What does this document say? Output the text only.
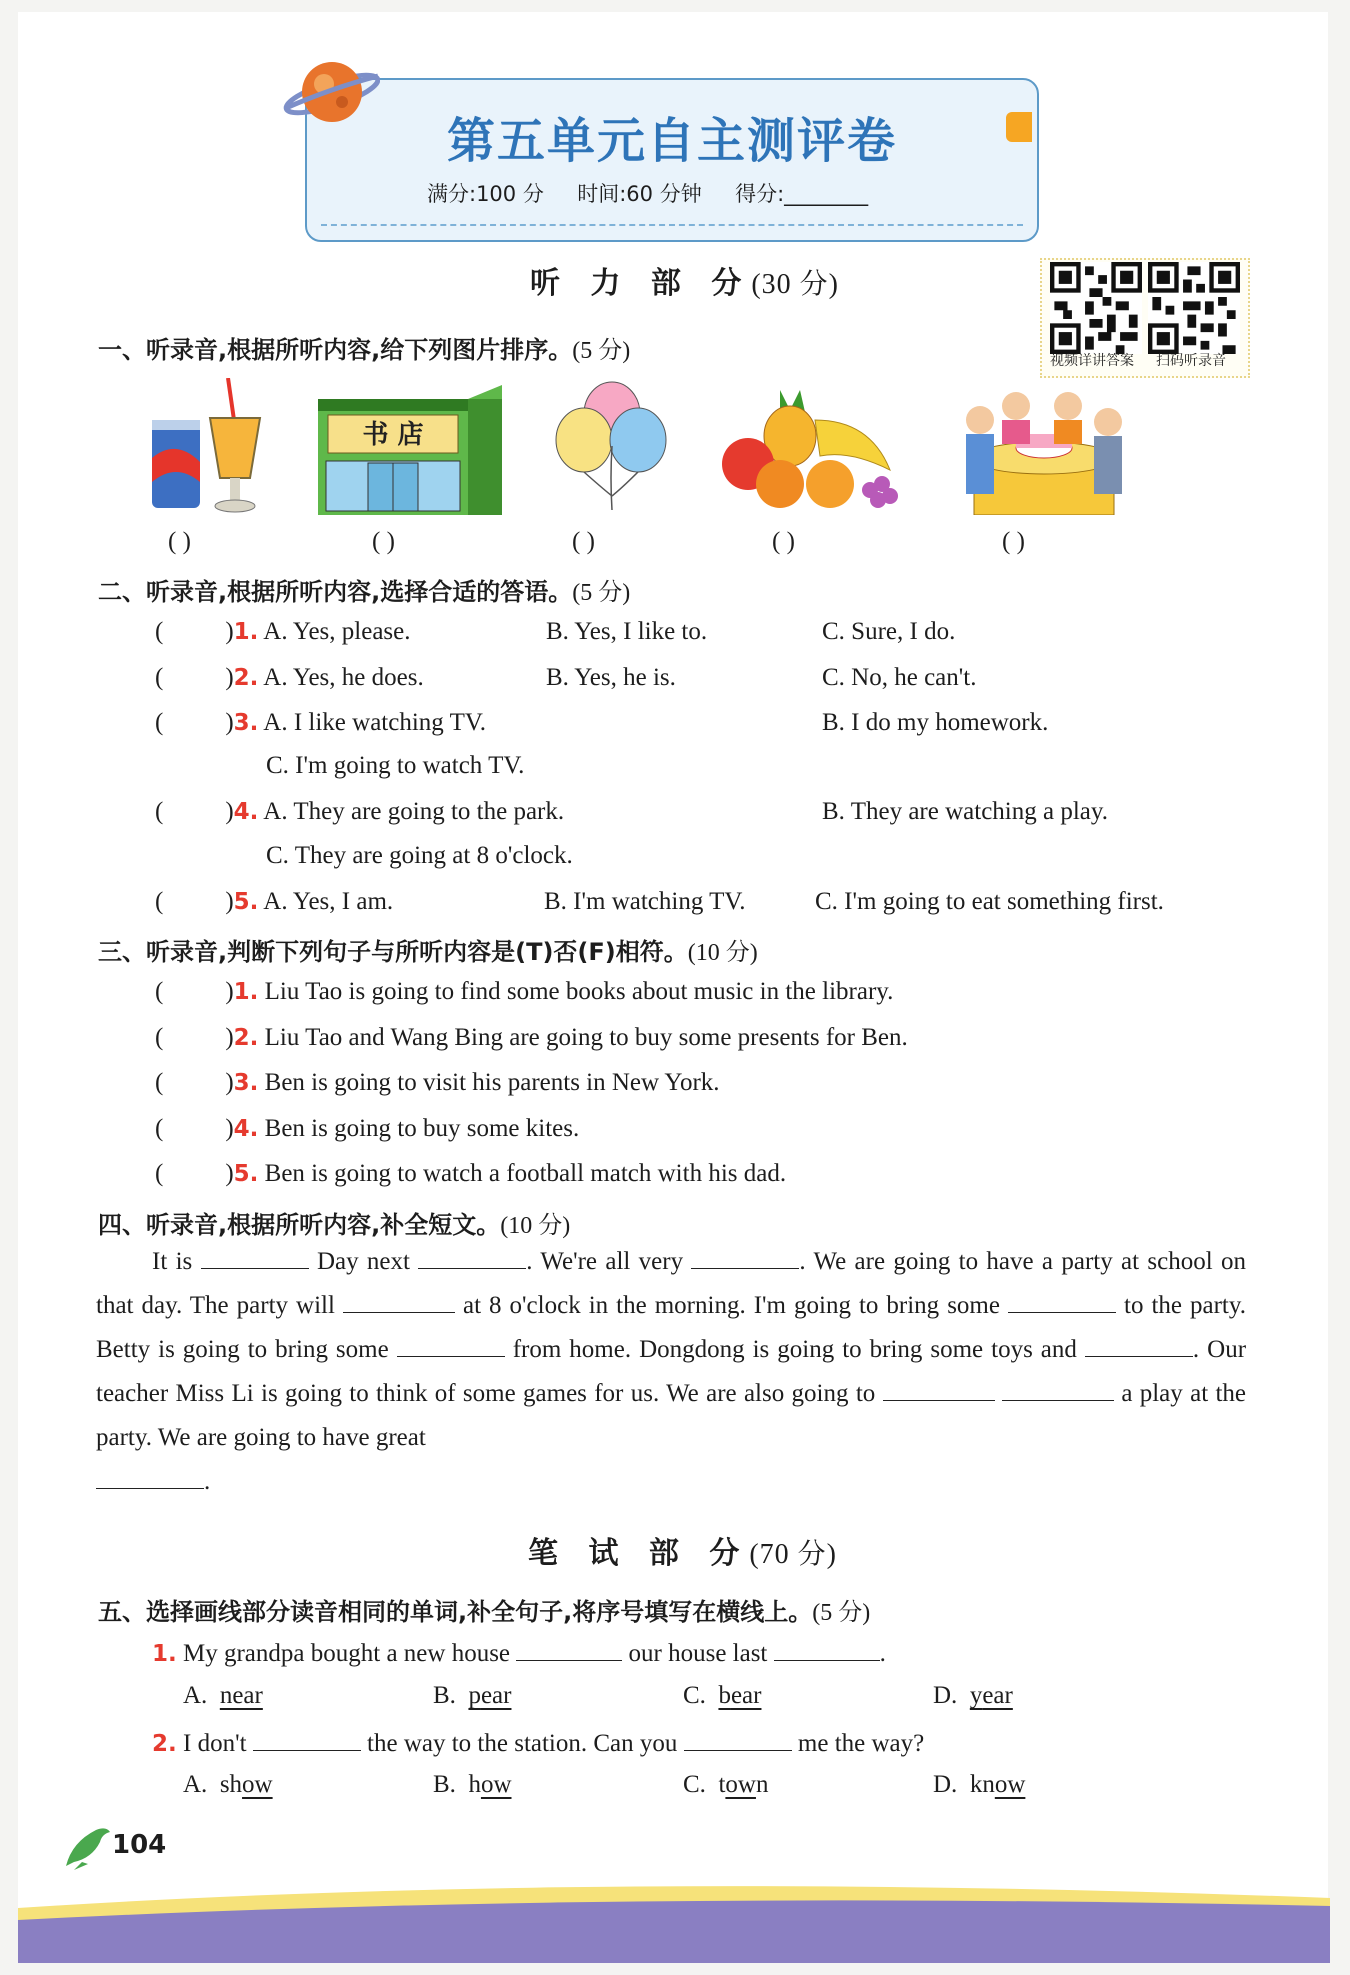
第五单元自主测评卷
满分:100 分 时间:60 分钟 得分:________
听 力 部 分(30 分)
视频详讲答案 扫码听录音
一、听录音,根据所听内容,给下列图片排序。(5 分)
书 店
( )	( )	( )	( )	( )
二、听录音,根据所听内容,选择合适的答语。(5 分)
( )1. A. Yes, please.	B. Yes, I like to.	C. Sure, I do.
( )2. A. Yes, he does.	B. Yes, he is.	C. No, he can't.
( )3. A. I like watching TV.	B. I do my homework.
C. I'm going to watch TV.
( )4. A. They are going to the park.	B. They are watching a play.
C. They are going at 8 o'clock.
( )5. A. Yes, I am.	B. I'm watching TV.	C. I'm going to eat something first.
三、听录音,判断下列句子与所听内容是(T)否(F)相符。(10 分)
( )1. Liu Tao is going to find some books about music in the library.
( )2. Liu Tao and Wang Bing are going to buy some presents for Ben.
( )3. Ben is going to visit his parents in New York.
( )4. Ben is going to buy some kites.
( )5. Ben is going to watch a football match with his dad.
四、听录音,根据所听内容,补全短文。(10 分)
It is	Day next	. We're all very	. We are going to have a party at school on that day. The party will	at 8 o'clock in the morning. I'm going to bring some	to the party. Betty is going to bring some	from home. Dongdong is going to bring some toys and	. Our teacher Miss Li is going to think of some games for us. We are also going to	a play at the party. We are going to have great
.
笔 试 部 分(70 分)
五、选择画线部分读音相同的单词,补全句子,将序号填写在横线上。(5 分)
1. My grandpa bought a new house	our house last	.
A. near	B. pear	C. bear	D. year
2. I don't	the way to the station. Can you	me the way?
A. show	B. how	C. town	D. know
104
